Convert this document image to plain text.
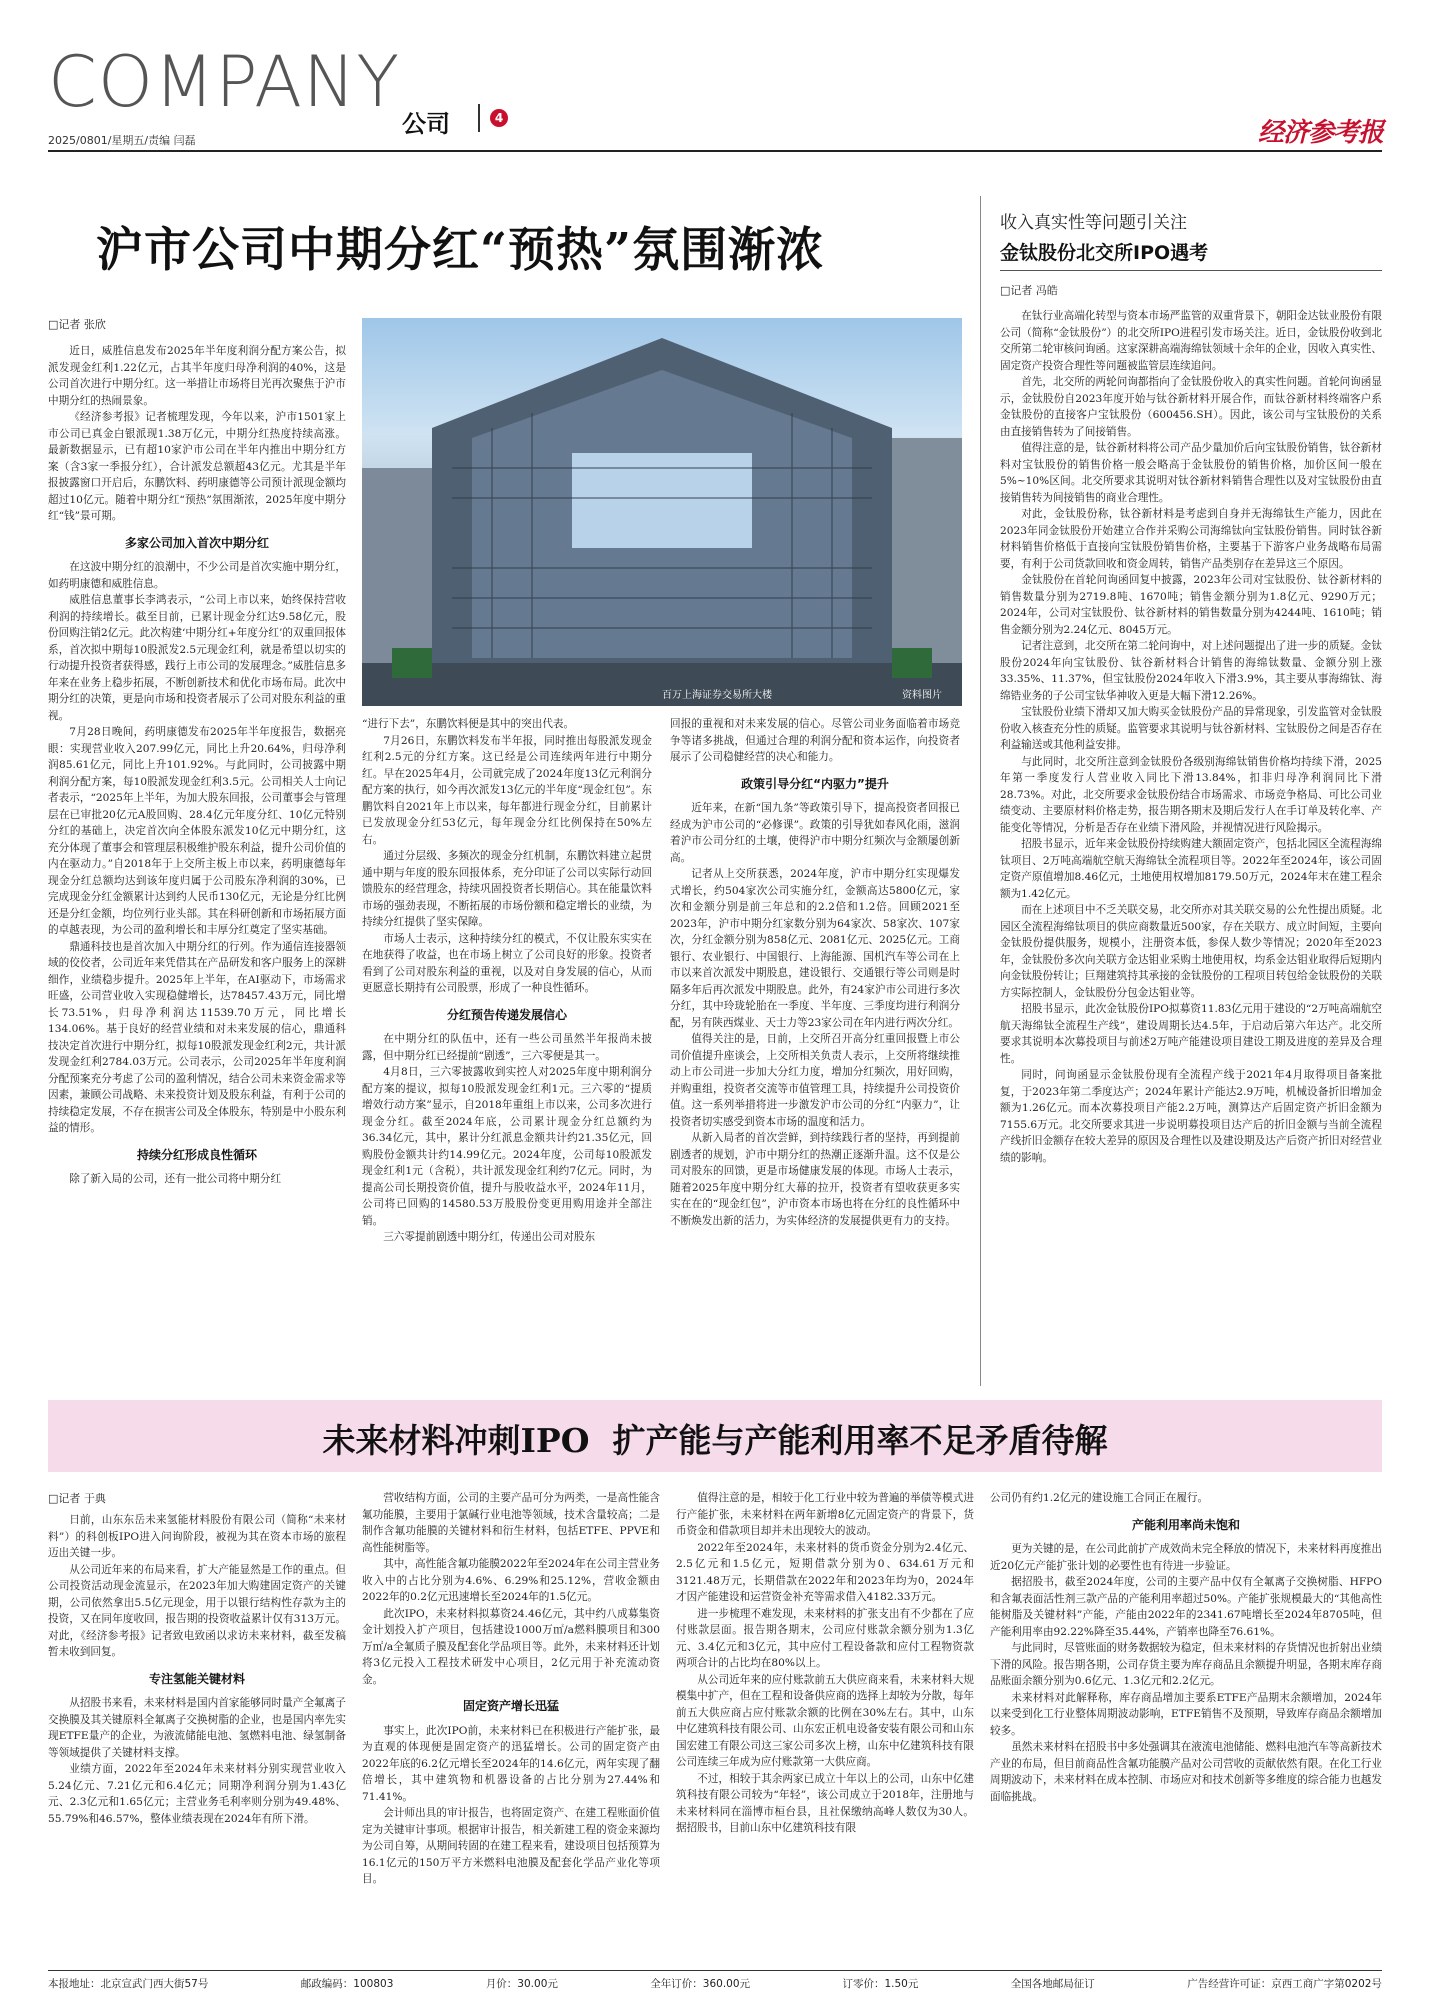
COMPANY
公司	4
2025/0801/星期五/责编 闫磊	经济参考报
沪市公司中期分红“预热”氛围渐浓
□记者 张欣

近日，威胜信息发布2025年半年度利润分配方案公告，拟派发现金红利1.22亿元，占其半年度归母净利润的40%，这是公司首次进行中期分红。这一举措让市场将目光再次聚焦于沪市中期分红的热闹景象。

《经济参考报》记者梳理发现，今年以来，沪市1501家上市公司已真金白银派现1.38万亿元，中期分红热度持续高涨。最新数据显示，已有超10家沪市公司在半年内推出中期分红方案（含3家一季报分红），合计派发总额超43亿元。尤其是半年报披露窗口开启后，东鹏饮料、药明康德等公司预计派现金额均超过10亿元。随着中期分红“预热”氛围渐浓，2025年度中期分红“钱”景可期。

多家公司加入首次中期分红

在这波中期分红的浪潮中，不少公司是首次实施中期分红，如药明康德和威胜信息。

威胜信息董事长李鸿表示，“公司上市以来，始终保持营收利润的持续增长。截至目前，已累计现金分红达9.58亿元，股份回购注销2亿元。此次构建‘中期分红+年度分红’的双重回报体系，首次拟中期每10股派发2.5元现金红利，就是希望以切实的行动提升投资者获得感，践行上市公司的发展理念。”威胜信息多年来在业务上稳步拓展，不断创新技术和优化市场布局。此次中期分红的决策，更是向市场和投资者展示了公司对股东利益的重视。

7月28日晚间，药明康德发布2025年半年度报告，数据亮眼：实现营业收入207.99亿元，同比上升20.64%，归母净利润85.61亿元，同比上升101.92%。与此同时，公司披露中期利润分配方案，每10股派发现金红利3.5元。公司相关人士向记者表示，“2025年上半年，为加大股东回报，公司董事会与管理层在已审批20亿元A股回购、28.4亿元年度分红、10亿元特别分红的基础上，决定首次向全体股东派发10亿元中期分红，这充分体现了董事会和管理层积极维护股东利益，提升公司价值的内在驱动力。”自2018年于上交所主板上市以来，药明康德每年现金分红总额均达到该年度归属于公司股东净利润的30%，已完成现金分红金额累计达到约人民币130亿元，无论是分红比例还是分红金额，均位列行业头部。其在科研创新和市场拓展方面的卓越表现，为公司的盈利增长和丰厚分红奠定了坚实基础。

鼎通科技也是首次加入中期分红的行列。作为通信连接器领域的佼佼者，公司近年来凭借其在产品研发和客户服务上的深耕细作，业绩稳步提升。2025年上半年，在AI驱动下，市场需求旺盛，公司营业收入实现稳健增长，达78457.43万元，同比增长73.51%，归母净利润达11539.70万元，同比增长134.06%。基于良好的经营业绩和对未来发展的信心，鼎通科技决定首次进行中期分红，拟每10股派发现金红利2元，共计派发现金红利2784.03万元。公司表示，公司2025年半年度利润分配预案充分考虑了公司的盈利情况，结合公司未来资金需求等因素，兼顾公司战略、未来投资计划及股东利益，有利于公司的持续稳定发展，不存在损害公司及全体股东，特别是中小股东利益的情形。

持续分红形成良性循环

除了新入局的公司，还有一批公司将中期分红

百万上海证券交易所大楼	资料图片

“进行下去”，东鹏饮料便是其中的突出代表。

7月26日，东鹏饮料发布半年报，同时推出每股派发现金红利2.5元的分红方案。这已经是公司连续两年进行中期分红。早在2025年4月，公司就完成了2024年度13亿元利润分配方案的执行，如今再次派发13亿元的半年度“现金红包”。东鹏饮料自2021年上市以来，每年都进行现金分红，目前累计已发放现金分红53亿元，每年现金分红比例保持在50%左右。

通过分层级、多频次的现金分红机制，东鹏饮料建立起贯通中期与年度的股东回报体系，充分印证了公司以实际行动回馈股东的经营理念，持续巩固投资者长期信心。其在能量饮料市场的强劲表现，不断拓展的市场份额和稳定增长的业绩，为持续分红提供了坚实保障。

市场人士表示，这种持续分红的模式，不仅让股东实实在在地获得了收益，也在市场上树立了公司良好的形象。投资者看到了公司对股东利益的重视，以及对自身发展的信心，从而更愿意长期持有公司股票，形成了一种良性循环。

分红预告传递发展信心

在中期分红的队伍中，还有一些公司虽然半年报尚未披露，但中期分红已经提前“剧透”，三六零便是其一。

4月8日，三六零披露收到实控人对2025年度中期利润分配方案的提议，拟每10股派发现金红利1元。三六零的“提质增效行动方案”显示，自2018年重组上市以来，公司多次进行现金分红。截至2024年底，公司累计现金分红总额约为36.34亿元，其中，累计分红派息金额共计约21.35亿元，回购股份金额共计约14.99亿元。2024年度，公司每10股派发现金红利1元（含税），共计派发现金红利约7亿元。同时，为提高公司长期投资价值，提升与股收益水平，2024年11月，公司将已回购的14580.53万股股份变更用购用途并全部注销。

三六零提前剧透中期分红，传递出公司对股东

回报的重视和对未来发展的信心。尽管公司业务面临着市场竞争等诸多挑战，但通过合理的利润分配和资本运作，向投资者展示了公司稳健经营的决心和能力。

政策引导分红“内驱力”提升

近年来，在新“国九条”等政策引导下，提高投资者回报已经成为沪市公司的“必修课”。政策的引导犹如春风化雨，滋润着沪市公司分红的土壤，使得沪市中期分红频次与金额屡创新高。

记者从上交所获悉，2024年度，沪市中期分红实现爆发式增长，约504家次公司实施分红，金额高达5800亿元，家次和金额分别是前三年总和的2.2倍和1.2倍。回顾2021至2023年，沪市中期分红家数分别为64家次、58家次、107家次，分红金额分别为858亿元、2081亿元、2025亿元。工商银行、农业银行、中国银行、上海能源、国机汽车等公司在上市以来首次派发中期股息，建设银行、交通银行等公司则是时隔多年后再次派发中期股息。此外，有24家沪市公司进行多次分红，其中玲珑轮胎在一季度、半年度、三季度均进行利润分配，另有陕西煤业、天士力等23家公司在年内进行两次分红。

值得关注的是，日前，上交所召开高分红重回报暨上市公司价值提升座谈会，上交所相关负责人表示，上交所将继续推动上市公司进一步加大分红力度，增加分红频次，用好回购，并购重组，投资者交流等市值管理工具，持续提升公司投资价值。这一系列举措将进一步激发沪市公司的分红“内驱力”，让投资者切实感受到资本市场的温度和活力。

从新入局者的首次尝鲜，到持续践行者的坚持，再到提前剧透者的规划，沪市中期分红的热潮正逐渐升温。这不仅是公司对股东的回馈，更是市场健康发展的体现。市场人士表示，随着2025年度中期分红大幕的拉开，投资者有望收获更多实实在在的“现金红包”，沪市资本市场也将在分红的良性循环中不断焕发出新的活力，为实体经济的发展提供更有力的支持。

收入真实性等问题引关注
金钛股份北交所IPO遇考
□记者 冯皓

在钛行业高端化转型与资本市场严监管的双重背景下，朝阳金达钛业股份有限公司（简称“金钛股份”）的北交所IPO进程引发市场关注。近日，金钛股份收到北交所第二轮审核问询函。这家深耕高端海绵钛领域十余年的企业，因收入真实性、固定资产投资合理性等问题被监管层连续追问。

首先，北交所的两轮问询都指向了金钛股份收入的真实性问题。首轮问询函显示，金钛股份自2023年度开始与钛谷新材料开展合作，而钛谷新材料终端客户系金钛股份的直接客户宝钛股份（600456.SH）。因此，该公司与宝钛股份的关系由直接销售转为了间接销售。

值得注意的是，钛谷新材料将公司产品少量加价后向宝钛股份销售，钛谷新材料对宝钛股份的销售价格一般会略高于金钛股份的销售价格，加价区间一般在5%~10%区间。北交所要求其说明对钛谷新材料销售合理性以及对宝钛股份由直接销售转为间接销售的商业合理性。

对此，金钛股份称，钛谷新材料是考虑到自身并无海绵钛生产能力，因此在2023年同金钛股份开始建立合作并采购公司海绵钛向宝钛股份销售。同时钛谷新材料销售价格低于直接向宝钛股份销售价格，主要基于下游客户业务战略布局需要，有利于公司货款回收和资金周转，销售产品类别存在差异这三个原因。

金钛股份在首轮问询函回复中披露，2023年公司对宝钛股份、钛谷新材料的销售数量分别为2719.8吨、1670吨；销售金额分别为1.8亿元、9290万元；2024年，公司对宝钛股份、钛谷新材料的销售数量分别为4244吨、1610吨；销售金额分别为2.24亿元、8045万元。

记者注意到，北交所在第二轮问询中，对上述问题提出了进一步的质疑。金钛股份2024年向宝钛股份、钛谷新材料合计销售的海绵钛数量、金额分别上涨33.35%、11.37%，但宝钛股份2024年收入下滑3.9%，其主要从事海绵钛、海绵锆业务的子公司宝钛华神收入更是大幅下滑12.26%。

宝钛股份业绩下滑却又加大购买金钛股份产品的异常现象，引发监管对金钛股份收入核查充分性的质疑。监管要求其说明与钛谷新材料、宝钛股份之间是否存在利益输送或其他利益安排。

与此同时，北交所注意到金钛股份各级别海绵钛销售价格均持续下滑，2025年第一季度发行人营业收入同比下滑13.84%，扣非归母净利润同比下滑28.73%。对此，北交所要求金钛股份结合市场需求、市场竞争格局、可比公司业绩变动、主要原材料价格走势，报告期各期末及期后发行人在手订单及转化率、产能变化等情况，分析是否存在业绩下滑风险，并视情况进行风险揭示。

招股书显示，近年来金钛股份持续购建大额固定资产，包括北园区全流程海绵钛项目、2万吨高端航空航天海绵钛全流程项目等。2022年至2024年，该公司固定资产原值增加8.46亿元，土地使用权增加8179.50万元，2024年末在建工程余额为1.42亿元。

而在上述项目中不乏关联交易，北交所亦对其关联交易的公允性提出质疑。北园区全流程海绵钛项目的供应商数量近500家，存在关联方、成立时间短，主要向金钛股份提供服务，规模小，注册资本低，参保人数少等情况；2020年至2023年，金钛股份多次向关联方金达钼业采购土地使用权，均系金达钼业取得后短期内向金钛股份转让；巨翔建筑持其承接的金钛股份的工程项目转包给金钛股份的关联方实际控制人，金钛股份分包金达钼业等。

招股书显示，此次金钛股份IPO拟募资11.83亿元用于建设的“2万吨高端航空航天海绵钛全流程生产线”，建设周期长达4.5年，于启动后第六年达产。北交所要求其说明本次募投项目与前述2万吨产能建设项目建设工期及进度的差异及合理性。

同时，问询函显示金钛股份现有全流程产线于2021年4月取得项目备案批复，于2023年第二季度达产；2024年累计产能达2.9万吨，机械设备折旧增加金额为1.26亿元。而本次募投项目产能2.2万吨，测算达产后固定资产折旧金额为7155.6万元。北交所要求其进一步说明募投项目达产后的折旧金额与当前全流程产线折旧金额存在较大差异的原因及合理性以及建设期及达产后资产折旧对经营业绩的影响。

未来材料冲刺IPO  扩产能与产能利用率不足矛盾待解
□记者 于典

日前，山东东岳未来氢能材料股份有限公司（简称“未来材料”）的科创板IPO进入问询阶段，被视为其在资本市场的旅程迈出关键一步。

从公司近年来的布局来看，扩大产能显然是工作的重点。但公司投资活动现金流显示，在2023年加大购建固定资产的关键期，公司依然拿出5.5亿元现金，用于以银行结构性存款为主的投资，又在同年度收回，报告期的投资收益累计仅有313万元。对此，《经济参考报》记者致电致函以求访未来材料，截至发稿暂未收到回复。

专注氢能关键材料

从招股书来看，未来材料是国内首家能够同时量产全氟离子交换膜及其关键原料全氟离子交换树脂的企业，也是国内率先实现ETFE量产的企业，为液流储能电池、氢燃料电池、绿氢制备等领域提供了关键材料支撑。

业绩方面，2022年至2024年未来材料分别实现营业收入5.24亿元、7.21亿元和6.4亿元；同期净利润分别为1.43亿元、2.3亿元和1.65亿元；主营业务毛利率则分别为49.48%、55.79%和46.57%，整体业绩表现在2024年有所下滑。

营收结构方面，公司的主要产品可分为两类，一是高性能含氟功能膜，主要用于氯碱行业电池等领域，技术含量较高；二是制作含氟功能膜的关键材料和衍生材料，包括ETFE、PPVE和高性能树脂等。

其中，高性能含氟功能膜2022年至2024年在公司主营业务收入中的占比分别为4.6%、6.29%和25.12%，营收金额由2022年的0.2亿元迅速增长至2024年的1.5亿元。

此次IPO，未来材料拟募资24.46亿元，其中约八成募集资金计划投入扩产项目，包括建设1000万㎡/a燃料膜项目和300万㎡/a全氟质子膜及配套化学品项目等。此外，未来材料还计划将3亿元投入工程技术研发中心项目，2亿元用于补充流动资金。

固定资产增长迅猛

事实上，此次IPO前，未来材料已在积极进行产能扩张，最为直观的体现便是固定资产的迅猛增长。公司的固定资产由2022年底的6.2亿元增长至2024年的14.6亿元，两年实现了翻倍增长，其中建筑物和机器设备的占比分别为27.44%和71.41%。

会计师出具的审计报告，也将固定资产、在建工程账面价值定为关键审计事项。根据审计报告，相关新建工程的资金来源均为公司自筹，从期间转固的在建工程来看，建设项目包括预算为16.1亿元的150万平方米燃料电池膜及配套化学品产业化等项目。

值得注意的是，相较于化工行业中较为普遍的举债等模式进行产能扩张，未来材料在两年新增8亿元固定资产的背景下，货币资金和借款项目却并未出现较大的波动。

2022年至2024年，未来材料的货币资金分别为2.4亿元、2.5亿元和1.5亿元，短期借款分别为0、634.61万元和3121.48万元，长期借款在2022年和2023年均为0，2024年才因产能建设和运营资金补充等需求借入4182.33万元。

进一步梳理不难发现，未来材料的扩张支出有不少都在了应付账款层面。报告期各期末，公司应付账款余额分别为1.3亿元、3.4亿元和3亿元，其中应付工程设备款和应付工程物资款两项合计的占比均在80%以上。

从公司近年来的应付账款前五大供应商来看，未来材料大规模集中扩产，但在工程和设备供应商的选择上却较为分散，每年前五大供应商占应付账款余额的比例在30%左右。其中，山东中亿建筑科技有限公司、山东宏正机电设备安装有限公司和山东国宏建工有限公司这三家公司多次上榜，山东中亿建筑科技有限公司连续三年成为应付账款第一大供应商。

不过，相较于其余两家已成立十年以上的公司，山东中亿建筑科技有限公司较为“年轻”，该公司成立于2018年，注册地与未来材料同在淄博市桓台县，且社保缴纳高峰人数仅为30人。据招股书，目前山东中亿建筑科技有限

公司仍有约1.2亿元的建设施工合同正在履行。

产能利用率尚未饱和

更为关键的是，在公司此前扩产成效尚未完全释放的情况下，未来材料再度推出近20亿元产能扩张计划的必要性也有待进一步验证。

据招股书，截至2024年度，公司的主要产品中仅有全氟离子交换树脂、HFPO和含氟表面活性剂三款产品的产能利用率超过50%。产能扩张规模最大的“其他高性能树脂及关键材料”产能，产能由2022年的2341.67吨增长至2024年8705吨，但产能利用率由92.22%降至35.44%，产销率也降至76.61%。

与此同时，尽管账面的财务数据较为稳定，但未来材料的存货情况也折射出业绩下滑的风险。报告期各期，公司存货主要为库存商品且余额提升明显，各期末库存商品账面余额分别为0.6亿元、1.3亿元和2.2亿元。

未来材料对此解释称，库存商品增加主要系ETFE产品期末余额增加，2024年以来受到化工行业整体周期波动影响，ETFE销售不及预期，导致库存商品余额增加较多。

虽然未来材料在招股书中多处强调其在液流电池储能、燃料电池汽车等高新技术产业的布局，但目前商品性含氟功能膜产品对公司营收的贡献依然有限。在化工行业周期波动下，未来材料在成本控制、市场应对和技术创新等多维度的综合能力也越发面临挑战。

本报地址：北京宣武门西大街57号	邮政编码：100803	月价：30.00元	全年订价：360.00元	订零价：1.50元	全国各地邮局征订	广告经营许可证：京西工商广字第0202号
